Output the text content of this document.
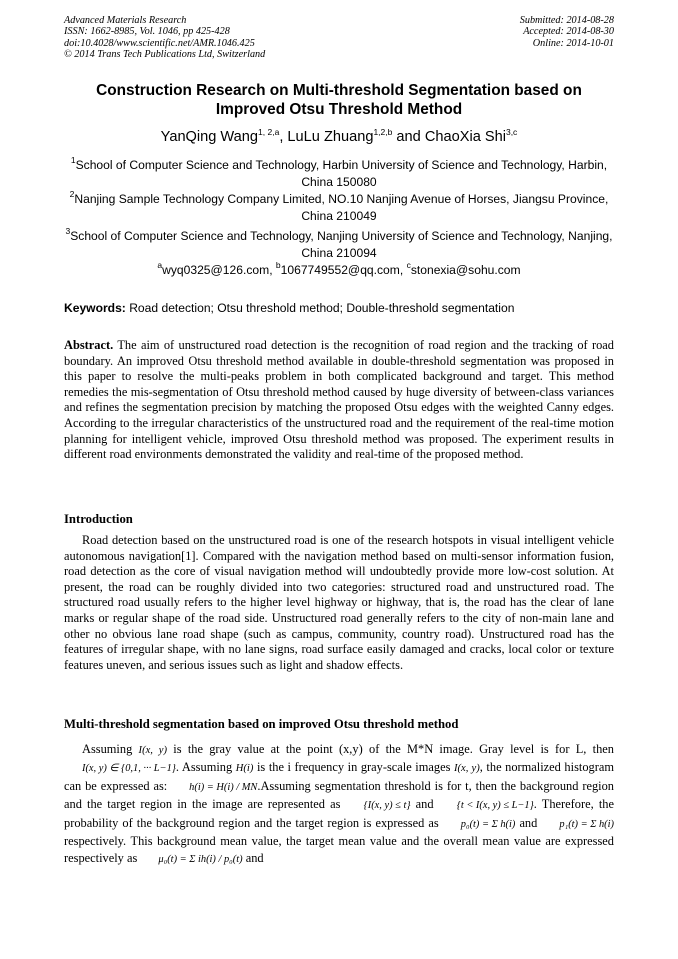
Advanced Materials Research
ISSN: 1662-8985, Vol. 1046, pp 425-428
doi:10.4028/www.scientific.net/AMR.1046.425
© 2014 Trans Tech Publications Ltd, Switzerland
Submitted: 2014-08-28
Accepted: 2014-08-30
Online: 2014-10-01
Construction Research on Multi-threshold Segmentation based on Improved Otsu Threshold Method
YanQing Wang$^{1, 2,a}$, LuLu Zhuang$^{1,2,b}$ and ChaoXia Shi$^{3,c}$
$^1$School of Computer Science and Technology, Harbin University of Science and Technology, Harbin, China 150080
$^2$Nanjing Sample Technology Company Limited, NO.10 Nanjing Avenue of Horses, Jiangsu Province, China 210049
$^3$School of Computer Science and Technology, Nanjing University of Science and Technology, Nanjing, China 210094
$^a$wyq0325@126.com, $^b$1067749552@qq.com, $^c$stonexia@sohu.com
Keywords: Road detection; Otsu threshold method; Double-threshold segmentation
Abstract. The aim of unstructured road detection is the recognition of road region and the tracking of road boundary. An improved Otsu threshold method available in double-threshold segmentation was proposed in this paper to resolve the multi-peaks problem in both complicated background and target. This method remedies the mis-segmentation of Otsu threshold method caused by huge diversity of between-class variances and refines the segmentation precision by matching the proposed Otsu edges with the weighted Canny edges. According to the irregular characteristics of the unstructured road and the requirement of the real-time motion planning for intelligent vehicle, improved Otsu threshold method was proposed. The experiment results in different road environments demonstrated the validity and real-time of the proposed method.
Introduction
Road detection based on the unstructured road is one of the research hotspots in visual intelligent vehicle autonomous navigation[1]. Compared with the navigation method based on multi-sensor information fusion, road detection as the core of visual navigation method will undoubtedly provide more low-cost solution. At present, the road can be roughly divided into two categories: structured road and unstructured road. The structured road usually refers to the higher level highway or highway, that is, the road has the clear of lane marks or regular shape of the road side. Unstructured road generally refers to the city of non-main lane and other no obvious lane road shape (such as campus, community, country road). Unstructured road has the features of irregular shape, with no lane signs, road surface easily damaged and cracks, local color or texture features uneven, and serious issues such as light and shadow effects.
Multi-threshold segmentation based on improved Otsu threshold method
Assuming I(x, y) is the gray value at the point (x,y) of the M*N image. Gray level is for L, then I(x, y) ∈ {0,1, ··· L−1}. Assuming H(i) is the i frequency in gray-scale images I(x, y), the normalized histogram can be expressed as: h(i) = H(i) / MN.Assuming segmentation threshold is for t, then the background region and the target region in the image are represented as {I(x, y) ≤ t} and {t < I(x, y) ≤ L−1}. Therefore, the probability of the background region and the target region is expressed as p₀(t) = Σ h(i) and p₁(t) = Σ h(i) respectively. This background mean value, the target mean value and the overall mean value are expressed respectively as μ₀(t) = Σ ih(i) / p₀(t) and
